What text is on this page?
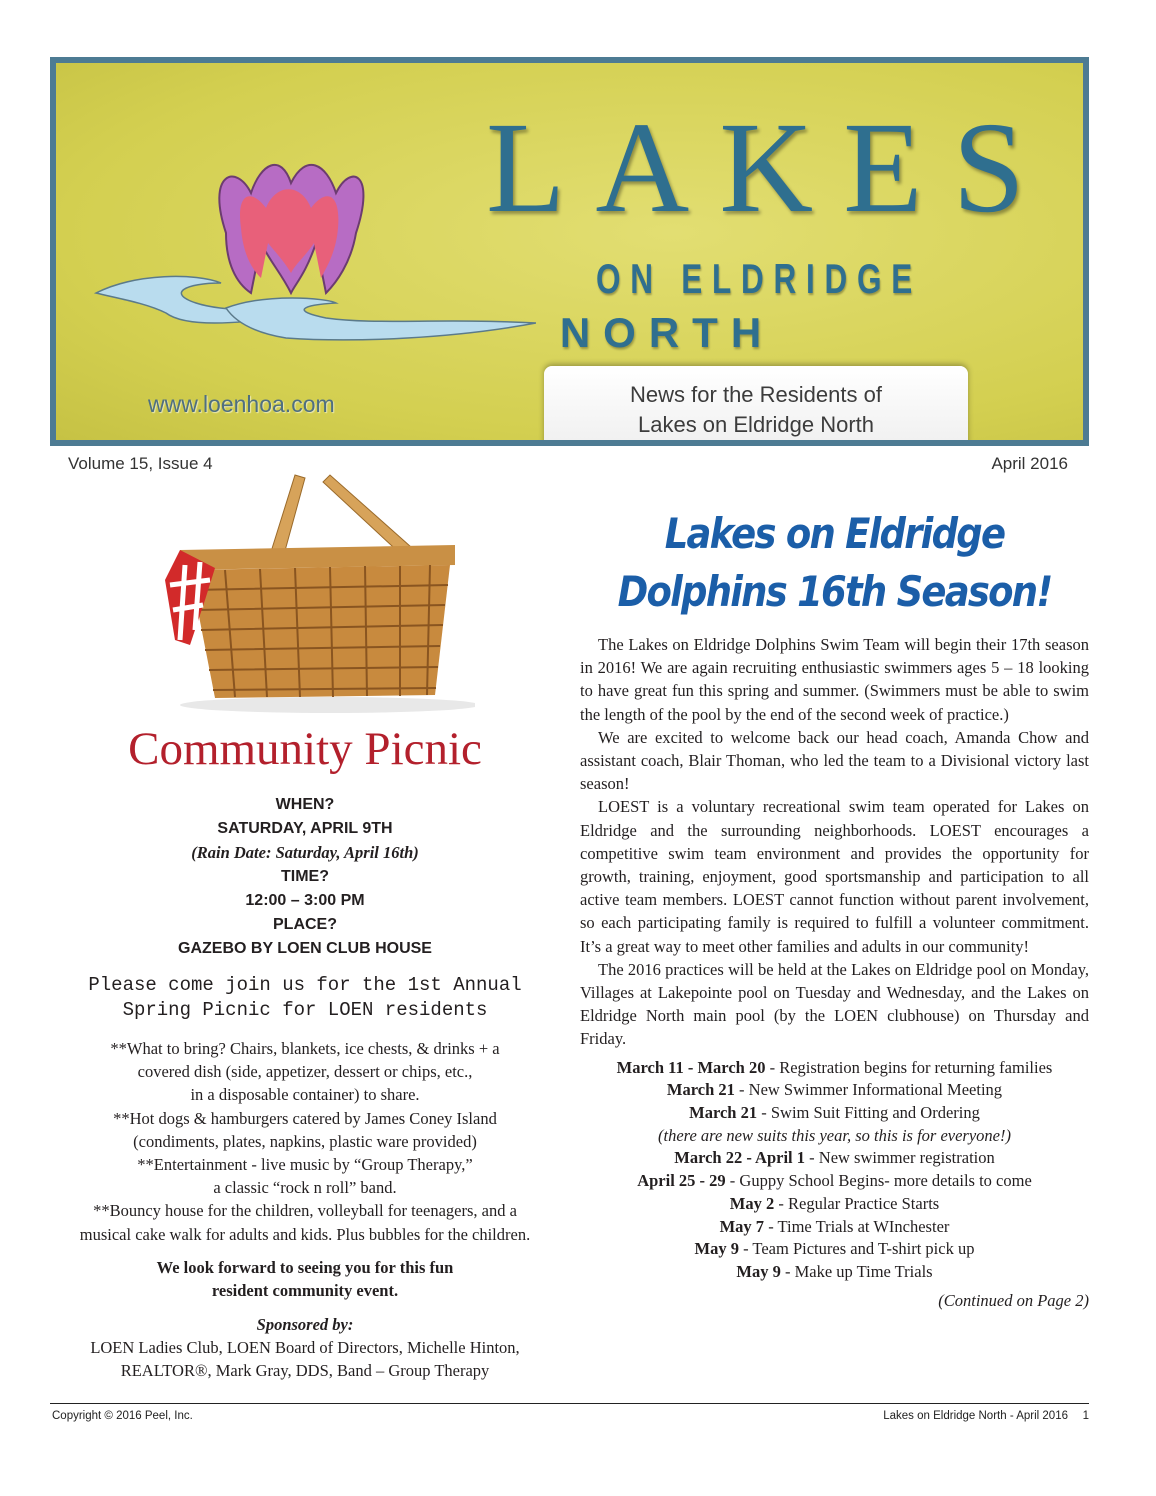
LAKES
ON ELDRIDGE
NORTH
www.loenhoa.com	News for the Residents of
Lakes on Eldridge North
Volume 15, Issue 4	April 2016
Community Picnic
WHEN?
SATURDAY, APRIL 9TH
(Rain Date: Saturday, April 16th)
TIME?
12:00 – 3:00 PM
PLACE?
GAZEBO BY LOEN CLUB HOUSE
Please come join us for the 1st Annual
Spring Picnic for LOEN residents
**What to bring? Chairs, blankets, ice chests, & drinks + a
covered dish (side, appetizer, dessert or chips, etc.,
in a disposable container) to share.
**Hot dogs & hamburgers catered by James Coney Island
(condiments, plates, napkins, plastic ware provided)
**Entertainment - live music by “Group Therapy,”
a classic “rock n roll” band.
**Bouncy house for the children, volleyball for teenagers, and a
musical cake walk for adults and kids. Plus bubbles for the children.
We look forward to seeing you for this fun
resident community event.
Sponsored by:
LOEN Ladies Club, LOEN Board of Directors, Michelle Hinton,
REALTOR®, Mark Gray, DDS, Band – Group Therapy
Lakes on Eldridge
Dolphins 16th Season!

The Lakes on Eldridge Dolphins Swim Team will begin their 17th season in 2016! We are again recruiting enthusiastic swimmers ages 5 – 18 looking to have great fun this spring and summer. (Swimmers must be able to swim the length of the pool by the end of the second week of practice.)

We are excited to welcome back our head coach, Amanda Chow and assistant coach, Blair Thoman, who led the team to a Divisional victory last season!

LOEST is a voluntary recreational swim team operated for Lakes on Eldridge and the surrounding neighborhoods. LOEST encourages a competitive swim team environment and provides the opportunity for growth, training, enjoyment, good sportsmanship and participation to all active team members. LOEST cannot function without parent involvement, so each participating family is required to fulfill a volunteer commitment. It’s a great way to meet other families and adults in our community!

The 2016 practices will be held at the Lakes on Eldridge pool on Monday, Villages at Lakepointe pool on Tuesday and Wednesday, and the Lakes on Eldridge North main pool (by the LOEN clubhouse) on Thursday and Friday.

March 11 - March 20 - Registration begins for returning families
March 21 - New Swimmer Informational Meeting
March 21 - Swim Suit Fitting and Ordering
(there are new suits this year, so this is for everyone!)
March 22 - April 1 - New swimmer registration
April 25 - 29 - Guppy School Begins- more details to come
May 2 - Regular Practice Starts
May 7 - Time Trials at WInchester
May 9 - Team Pictures and T-shirt pick up
May 9 - Make up Time Trials
(Continued on Page 2)
Copyright © 2016 Peel, Inc.	Lakes on Eldridge North - April 2016 1
